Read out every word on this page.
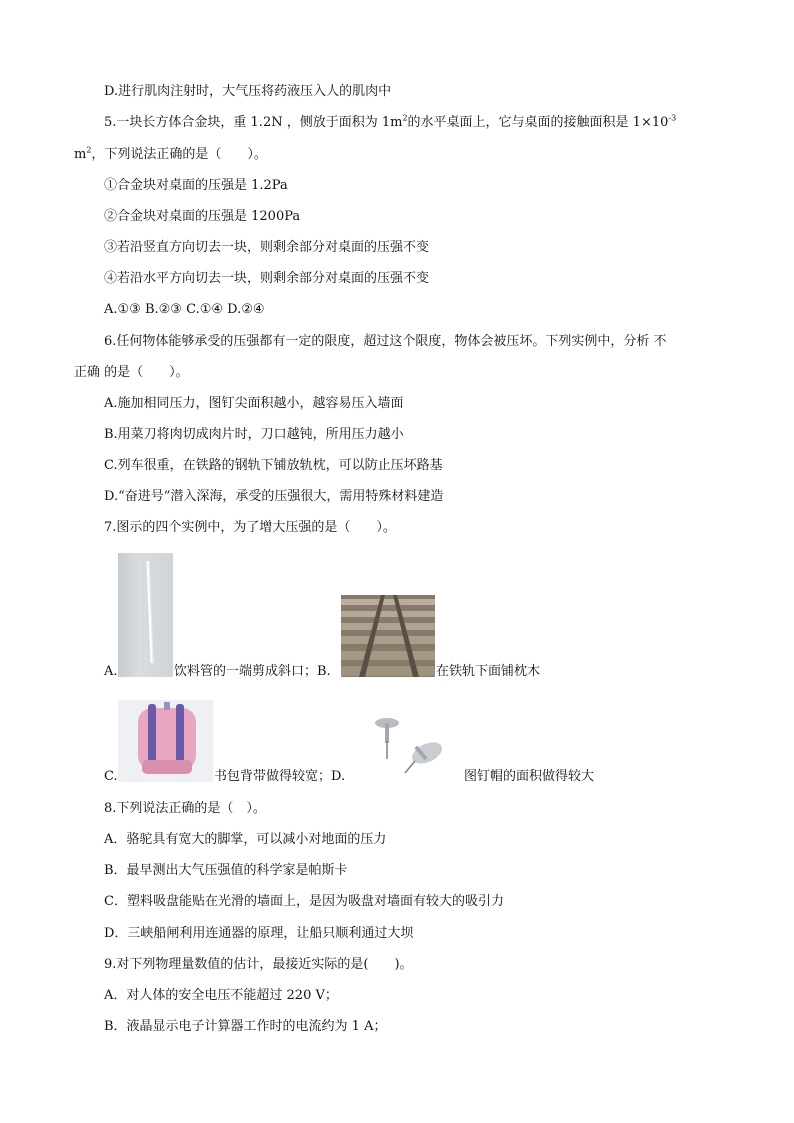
D.进行肌肉注射时，大气压将药液压入人的肌肉中
5.一块长方体合金块，重 1.2N ，侧放于面积为 $1m^2$的水平桌面上，它与桌面的接触面积是 $1\times 10^{-3}$
$m^2$，下列说法正确的是（　　）。
①合金块对桌面的压强是 1.2Pa
②合金块对桌面的压强是 1200Pa
③若沿竖直方向切去一块，则剩余部分对桌面的压强不变
④若沿水平方向切去一块，则剩余部分对桌面的压强不变
A.①③ B.②③ C.①④ D.②④
6.任何物体能够承受的压强都有一定的限度，超过这个限度，物体会被压坏。下列实例中，分析 不
正确 的是（　　）。
A.施加相同压力，图钉尖面积越小，越容易压入墙面
B.用菜刀将肉切成肉片时，刀口越钝，所用压力越小
C.列车很重，在铁路的钢轨下铺放轨枕，可以防止压坏路基
D.“奋进号”潜入深海，承受的压强很大，需用特殊材料建造
7.图示的四个实例中，为了增大压强的是（　　）。
A.	饮料管的一端剪成斜口；B.	在铁轨下面铺枕木
C.	书包背带做得较宽；D.	图钉帽的面积做得较大
8.下列说法正确的是（　）。
A．骆驼具有宽大的脚掌，可以减小对地面的压力
B．最早测出大气压强值的科学家是帕斯卡
C．塑料吸盘能贴在光滑的墙面上，是因为吸盘对墙面有较大的吸引力
D．三峡船闸利用连通器的原理，让船只顺利通过大坝
9.对下列物理量数值的估计，最接近实际的是(　　)。
A．对人体的安全电压不能超过 220 V；
B．液晶显示电子计算器工作时的电流约为 1 A；
